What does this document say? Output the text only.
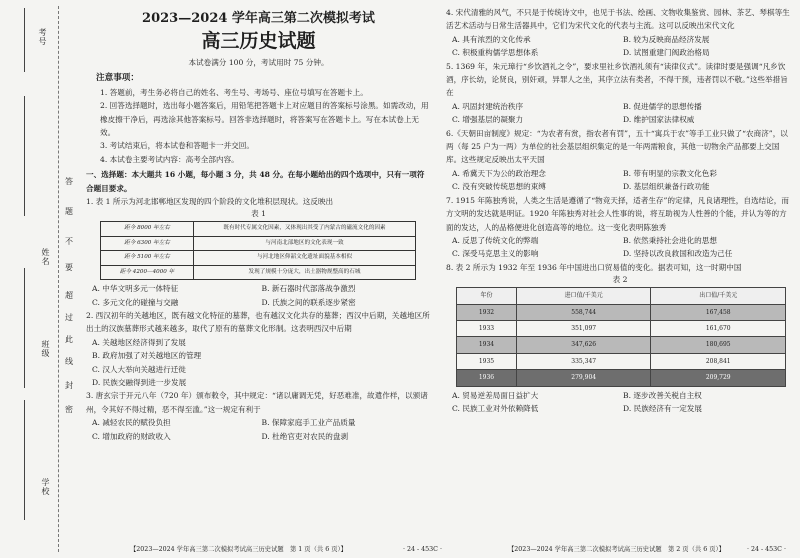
考号
姓名
班级
学校
答
题
不
要
超
过
此
线
封
密
2023—2024 学年高三第二次模拟考试
高三历史试题
本试卷满分 100 分，考试用时 75 分钟。
注意事项：
1. 答题前，考生务必将自己的姓名、考生号、考场号、座位号填写在答题卡上。
2. 回答选择题时，选出每小题答案后，用铅笔把答题卡上对应题目的答案标号涂黑。如需改动，用橡皮擦干净后，再选涂其他答案标号。回答非选择题时，将答案写在答题卡上。写在本试卷上无效。
3. 考试结束后，将本试卷和答题卡一并交回。
4. 本试卷主要考试内容：高考全部内容。
一、选择题：本大题共 16 小题，每小题 3 分，共 48 分。在每小题给出的四个选项中，只有一项符合题目要求。
1. 表 1 所示为河北邯郸地区发现的四个阶段的文化堆积层现状。这反映出
表 1
距今 8000 年左右	既有时代专属文化因素，又体现出其受了内蒙古的磁流文化的因素
距今 6300 年左右	与河南北部地区的文化表现一致
距今 5100 年左右	与河北地区仰韶文化遗址面貌基本相似
距今 4200—4000 年	发现了规模十分庞大，出土器物规整高的石城
A. 中华文明多元一体特征	B. 新石器时代部落战争激烈
C. 多元文化的碰撞与交融	D. 氏族之间的联系逐步紧密
2. 西汉初年的关越地区，既有越文化特征的墓葬，也有越汉文化共存的墓葬；西汉中后期，关越地区所出土的汉族墓葬形式越来越多，取代了原有的墓葬文化形制。这表明西汉中后期
A. 关越地区经济得到了发展
B. 政府加强了对关越地区的管理
C. 汉人大举向关越进行迁徙
D. 民族交融得到进一步发展
3. 唐玄宗于开元八年（720 年）颁布敕令，其中规定：“诸以庸调无凭，好恶难准，故遣作样，以颁诸州，令其好不得过精，恶不得至滥。”这一规定有利于
A. 减轻农民的赋役负担	B. 保障家庭手工业产品质量
C. 增加政府的财政收入	D. 杜绝官吏对农民的盘剥
4. 宋代清雅的风气，不只是于传统诗文中，也见于书法、绘画、文物收集鉴赏、园林、茶艺、琴棋等生活艺术活动与日常生活器具中，它们为宋代文化的代表与主流。这可以反映出宋代文化
A. 具有浓烈的文化传承	B. 较为反映商品经济发展
C. 积极重构儒学思想体系	D. 试图重建门阀政治格局
5. 1369 年，朱元璋行“乡饮酒礼之令”，要求里社乡饮酒礼须有“读律仪式”。读律时要是强调“凡乡饮酒，序长幼，论贤良，别奸顽，异罪人之坐，其序立法有类者，不得干预，违者罚以不敬。”这些举措旨在
A. 巩固封建统治秩序	B. 促进儒学的思想传播
C. 增强基层的凝聚力	D. 维护国家法律权威
6.《天朝田亩制度》规定：“为农者有赏，指农者有罚”，五十“寓兵于农”等手工业只做了“农商济”，以两（每 25 户为一两）为单位的社会基层组织集定的是一年两需粮食，其他一切物余产品都要上交国库。这些规定反映出太平天国
A. 希冀天下为公的政治理念	B. 带有明显的宗教文化色彩
C. 没有突破传统思想的束缚	D. 基层组织兼备行政功能
7. 1915 年陈独秀说，人类之生活是遵循了“物竞天择，适者生存”的定律，凡良诸理性，自选结论，而方文明的发达就是明证。1920 年陈独秀对社会人性事的说，将互助视为人性善的个能，并认为等的方面的发达，人的品格便进化创造高等的地位。这一变化表明陈独秀
A. 反思了传统文化的弊端	B. 依然秉持社会进化的思想
C. 深受马克思主义的影响	D. 坚持以改良救国和改造为己任
8. 表 2 所示为 1932 年至 1936 年中国进出口贸易值的变化。据表可知，这一时期中国
表 2
年份	进口值/千美元	出口值/千美元
1932	558,744	167,458
1933	351,097	161,670
1934	347,626	180,695
1935	335,347	208,841
1936	279,904	209,729
A. 贸易逆差局面日益扩大	B. 逐步改善关税自主权
C. 民族工业对外依赖降低	D. 民族经济有一定发展
【2023—2024 学年高三第二次模拟考试高三历史试题　第 1 页（共 6 页）】	· 24 - 453C ·	【2023—2024 学年高三第二次模拟考试高三历史试题　第 2 页（共 6 页）】	· 24 - 453C ·
